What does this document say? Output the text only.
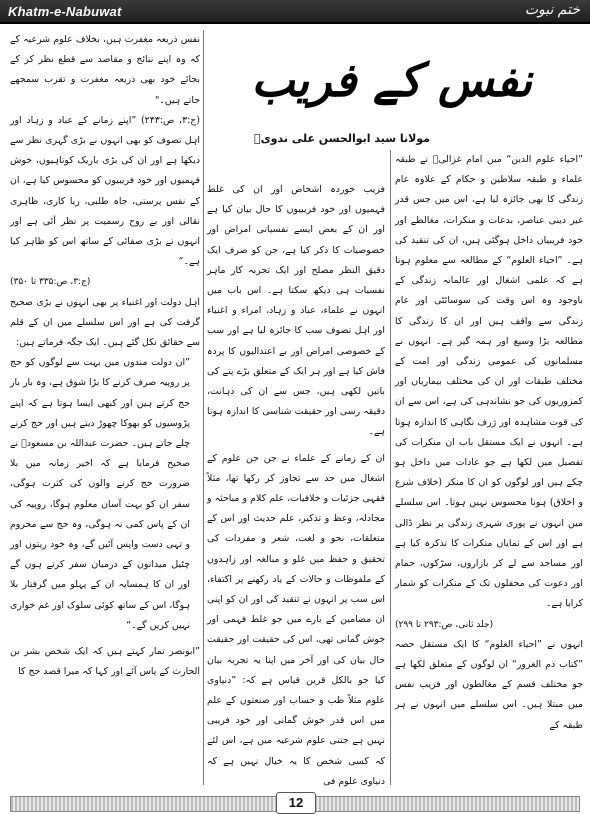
Khatm-e-Nabuwat	ختم نبوت

نفس ذریعہ مغفرت ہیں، بخلاف علوم شرعیہ کے کہ وہ اپنے نتائج و مقاصد سے قطع نظر کر کے بجائے خود بھی ذریعہ مغفرت و تقرب سمجھے جاتے ہیں۔"

(ج:۳، ص:۲۴۳) ”اپنے زمانے کے عباد و زہاد اور اہل تصوف کو بھی انہوں نے بڑی گہری نظر سے دیکھا ہے اور ان کی بڑی باریک کوتاہیوں، خوش فہمیوں اور خود فریبیوں کو محسوس کیا ہے، ان کے نفس پرستی، جاہ طلبی، ریا کاری، ظاہری نقالی اور بے روح رسمیت پر نظر آئی ہے اور انہوں نے بڑی صفائی کے ساتھ اس کو ظاہر کیا ہے۔“

(ج:۳، ص:۳۳۵ تا ۳۵۰)

اہل دولت اور اغنیاء پر بھی انہوں نے بڑی صحیح گرفت کی ہے اور اس سلسلے میں ان کے قلم سے حقائق نکل گئے ہیں۔ ایک جگہ فرماتے ہیں:

”ان دولت مندوں میں بہت سے لوگوں کو حج پر روپیہ صرف کرنے کا بڑا شوق ہے، وہ بار بار حج کرتے ہیں اور کبھی ایسا ہوتا ہے کہ اپنے پڑوسیوں کو بھوکا چھوڑ دیتے ہیں اور حج کرنے چلے جاتے ہیں۔ حضرت عبداللہ بن مسعودؓ نے صحیح فرمایا ہے کہ اخیر زمانہ میں بلا ضرورت حج کرنے والوں کی کثرت ہوگی، سفر ان کو بہت آسان معلوم ہوگا، روپیہ کی ان کے پاس کمی نہ ہوگی، وہ حج سے محروم و تہی دست واپس آئیں گے، وہ خود ریتوں اور چٹیل میدانوں کے درمیان سفر کرتے ہوں گے اور ان کا ہمسایہ ان کے پہلو میں گرفتار بلا ہوگا، اس کے ساتھ کوئی سلوک اور غم خواری نہیں کریں گے۔“

”ابونصر تمار کہتے ہیں کہ ایک شخص بشر بن الحارث کے پاس آئے اور کہا کہ میرا قصد حج کا

نفس کے فریب
مولانا سید ابوالحسن علی ندویؒ

فریب خوردہ اشخاص اور ان کی غلط فہمیوں اور خود فریبیوں کا حال بیان کیا ہے اور ان کے بعض ایسے نفسیاتی امراض اور خصوصیات کا ذکر کیا ہے، جن کو صرف ایک دقیق النظر مصلح اور ایک تجربہ کار ماہر نفسیات ہی دیکھ سکتا ہے۔ اس باب میں انہوں نے علماء، عباد و زہاد، امراء و اغنیاء اور اہل تصوف سب کا جائزہ لیا ہے اور سب کے خصوصی امراض اور بے اعتدالیوں کا پردہ فاش کیا ہے اور ہر ایک کے متعلق بڑے پتے کی باتیں لکھی ہیں، جس سے ان کی ذہانت، دقیقہ رسی اور حقیقت شناسی کا اندازہ ہوتا ہے۔

ان کے زمانے کے علماء نے جن جن علوم کے اشغال میں حد سے تجاوز کر رکھا تھا، مثلاً فقہی جزئیات و خلافیات، علم کلام و مباحثہ و مجادلہ، وعظ و تذکیر، علم حدیث اور اس کے متعلقات، نحو و لغت، شعر و مفردات کی تحقیق و حفظ میں غلو و مبالغہ اور زاہدوں کے ملفوظات و حالات کے یاد رکھنے پر اکتفاء، اس سب پر انہوں نے تنقید کی اور ان کو اپنی ان مضامین کے بارے میں جو غلط فہمی اور خوش گمانی تھی، اس کی حقیقت اور حقیقت حال بیان کی اور آخر میں اپنا یہ تجربہ بیان کیا جو بالکل قرین قیاس ہے کہ: ”دنیاوی علوم مثلاً طب و حساب اور صنعتوں کے علم میں اس قدر خوش گمانی اور خود فریبی نہیں ہے جتنی علوم شرعیہ میں ہے، اس لئے کہ کسی شخص کا یہ خیال نہیں ہے کہ دنیاوی علوم فی

”احیاء علوم الدین“ میں امام غزالیؒ نے طبقہ علماء و طبقہ سلاطین و حکام کے علاوہ عام زندگی کا بھی جائزہ لیا ہے، اس میں جس قدر غیر دینی عناصر، بدعات و منکرات، مغالطے اور خود فریبیاں داخل ہوگئی ہیں، ان کی تنقید کی ہے۔ ”احیاء العلوم“ کے مطالعہ سے معلوم ہوتا ہے کہ علمی اشغال اور عالمانہ زندگی کے باوجود وہ اس وقت کی سوسائٹی اور عام زندگی سے واقف ہیں اور ان کا زندگی کا مطالعہ بڑا وسیع اور ہمہ گیر ہے۔ انہوں نے مسلمانوں کی عمومی زندگی اور امت کے مختلف طبقات اور ان کی مختلف بیماریاں اور کمزوریوں کی جو نشاندہی کی ہے، اس سے ان کی قوت مشاہدہ اور ژرف نگاہی کا اندازہ ہوتا ہے۔ انہوں نے ایک مستقل باب ان منکرات کی تفصیل میں لکھا ہے جو عادات میں داخل ہو چکے ہیں اور لوگوں کو ان کا منکر (خلاف شرع و اخلاق) ہونا محسوس نہیں ہوتا۔ اس سلسلے میں انہوں نے پوری شہری زندگی پر نظر ڈالی ہے اور اس کے نمایاں منکرات کا تذکرہ کیا ہے اور مساجد سے لے کر بازاروں، سڑکوں، حمام اور دعوت کی محفلوں تک کے منکرات کو شمار کرایا ہے۔

(جلد ثانی، ص:۲۹۳ تا ۲۹۹)

انہوں نے ”احیاء العلوم“ کا ایک مستقل حصہ ”کتاب ذم الغرور“ ان لوگوں کے متعلق لکھا ہے جو مختلف قسم کے مغالطوں اور فریب نفس میں مبتلا ہیں۔ اس سلسلے میں انہوں نے ہر طبقہ کے

12
